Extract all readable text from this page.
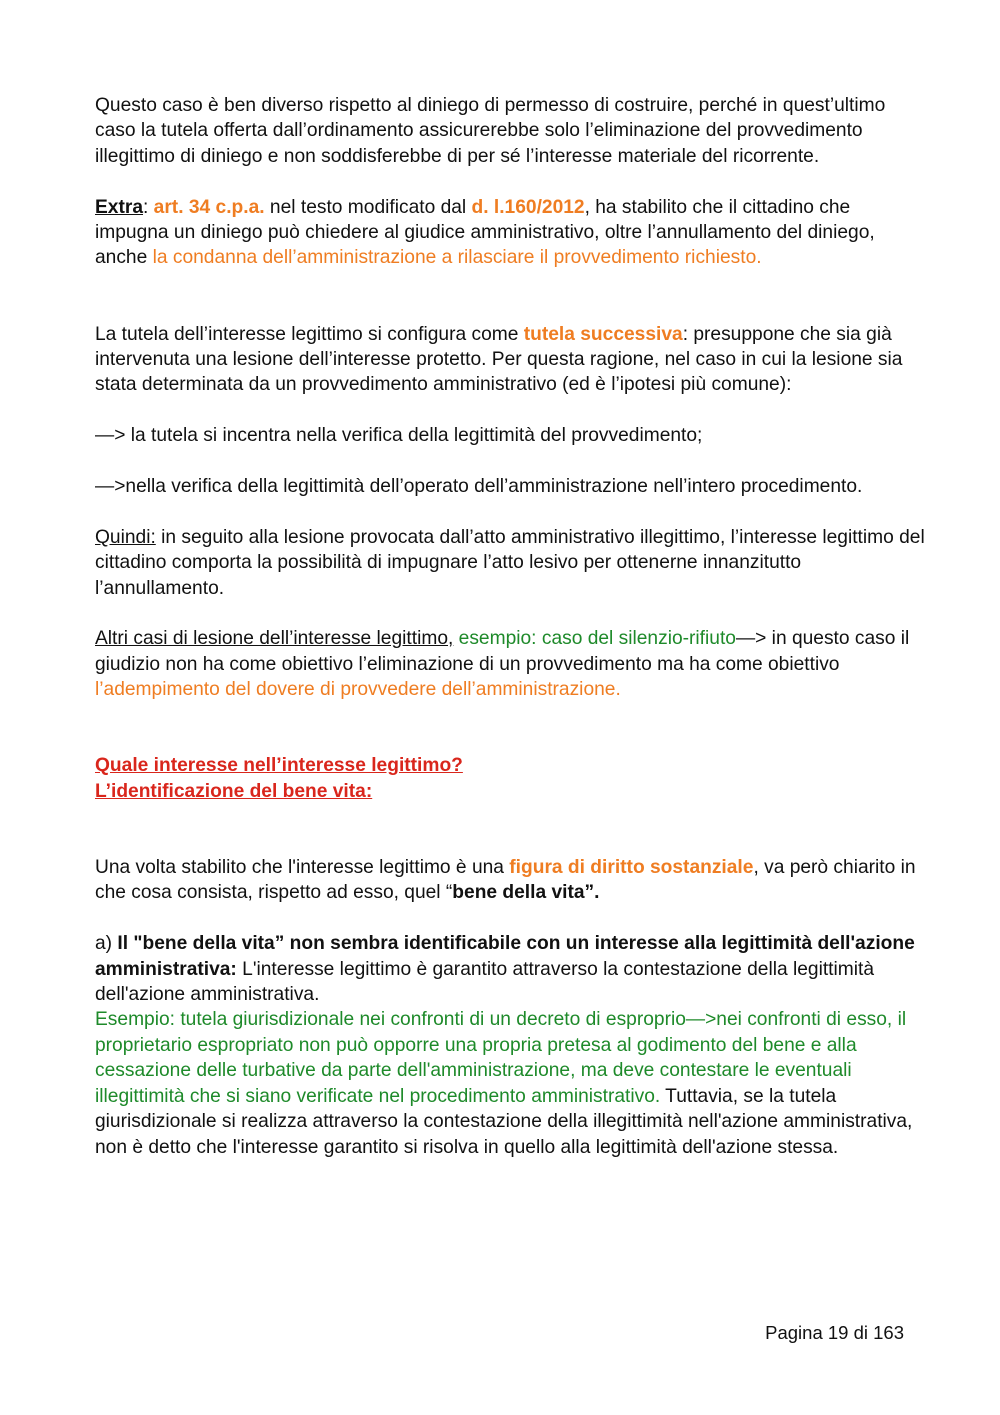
Questo caso è ben diverso rispetto al diniego di permesso di costruire, perché in quest’ultimo caso la tutela offerta dall’ordinamento assicurerebbe solo l’eliminazione del provvedimento illegittimo di diniego e non soddisferebbe di per sé l’interesse materiale del ricorrente.

Extra: art. 34 c.p.a. nel testo modificato dal d. l.160/2012, ha stabilito che il cittadino che impugna un diniego può chiedere al giudice amministrativo, oltre l’annullamento del diniego, anche la condanna dell’amministrazione a rilasciare il provvedimento richiesto.

La tutela dell’interesse legittimo si configura come tutela successiva: presuppone che sia già intervenuta una lesione dell’interesse protetto. Per questa ragione, nel caso in cui la lesione sia stata determinata da un provvedimento amministrativo (ed è l’ipotesi più comune):

—> la tutela si incentra nella verifica della legittimità del provvedimento;

—>nella verifica della legittimità dell’operato dell’amministrazione nell’intero procedimento.

Quindi: in seguito alla lesione provocata dall’atto amministrativo illegittimo, l’interesse legittimo del cittadino comporta la possibilità di impugnare l’atto lesivo per ottenerne innanzitutto l’annullamento.

Altri casi di lesione dell’interesse legittimo, esempio: caso del silenzio-rifiuto—> in questo caso il giudizio non ha come obiettivo l’eliminazione di un provvedimento ma ha come obiettivo l’adempimento del dovere di provvedere dell’amministrazione.

Quale interesse nell’interesse legittimo?
L’identificazione del bene vita:

Una volta stabilito che l'interesse legittimo è una figura di diritto sostanziale, va però chiarito in che cosa consista, rispetto ad esso, quel “bene della vita”.

a) Il "bene della vita” non sembra identificabile con un interesse alla legittimità dell'azione amministrativa: L'interesse legittimo è garantito attraverso la contestazione della legittimità dell'azione amministrativa.
Esempio: tutela giurisdizionale nei confronti di un decreto di esproprio—>nei confronti di esso, il proprietario espropriato non può opporre una propria pretesa al godimento del bene e alla cessazione delle turbative da parte dell'amministrazione, ma deve contestare le eventuali illegittimità che si siano verificate nel procedimento amministrativo. Tuttavia, se la tutela giurisdizionale si realizza attraverso la contestazione della illegittimità nell'azione amministrativa, non è detto che l'interesse garantito si risolva in quello alla legittimità dell'azione stessa.

Pagina 19 di 163
